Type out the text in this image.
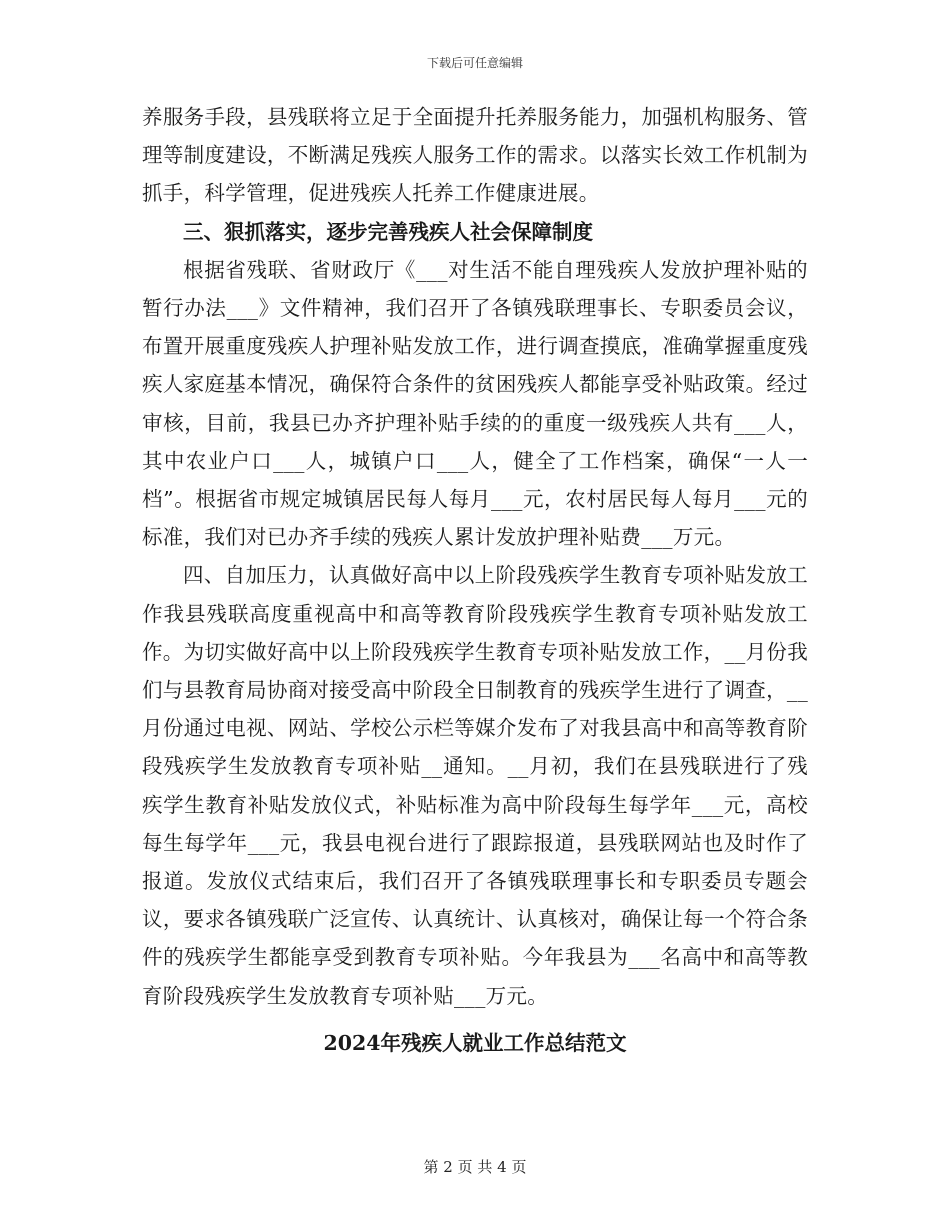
下载后可任意编辑

养服务手段，县残联将立足于全面提升托养服务能力，加强机构服务、管理等制度建设，不断满足残疾人服务工作的需求。以落实长效工作机制为抓手，科学管理，促进残疾人托养工作健康进展。

三、狠抓落实，逐步完善残疾人社会保障制度

根据省残联、省财政厅《___对生活不能自理残疾人发放护理补贴的暂行办法___》文件精神，我们召开了各镇残联理事长、专职委员会议，布置开展重度残疾人护理补贴发放工作，进行调查摸底，准确掌握重度残疾人家庭基本情况，确保符合条件的贫困残疾人都能享受补贴政策。经过审核，目前，我县已办齐护理补贴手续的的重度一级残疾人共有___人，其中农业户口___人，城镇户口___人，健全了工作档案，确保“一人一档”。根据省市规定城镇居民每人每月___元，农村居民每人每月___元的标准，我们对已办齐手续的残疾人累计发放护理补贴费___万元。

四、自加压力，认真做好高中以上阶段残疾学生教育专项补贴发放工作我县残联高度重视高中和高等教育阶段残疾学生教育专项补贴发放工作。为切实做好高中以上阶段残疾学生教育专项补贴发放工作，__月份我们与县教育局协商对接受高中阶段全日制教育的残疾学生进行了调查，__月份通过电视、网站、学校公示栏等媒介发布了对我县高中和高等教育阶段残疾学生发放教育专项补贴__通知。__月初，我们在县残联进行了残疾学生教育补贴发放仪式，补贴标准为高中阶段每生每学年___元，高校每生每学年___元，我县电视台进行了跟踪报道，县残联网站也及时作了报道。发放仪式结束后，我们召开了各镇残联理事长和专职委员专题会议，要求各镇残联广泛宣传、认真统计、认真核对，确保让每一个符合条件的残疾学生都能享受到教育专项补贴。今年我县为___名高中和高等教育阶段残疾学生发放教育专项补贴___万元。

2024年残疾人就业工作总结范文

第 2 页 共 4 页
